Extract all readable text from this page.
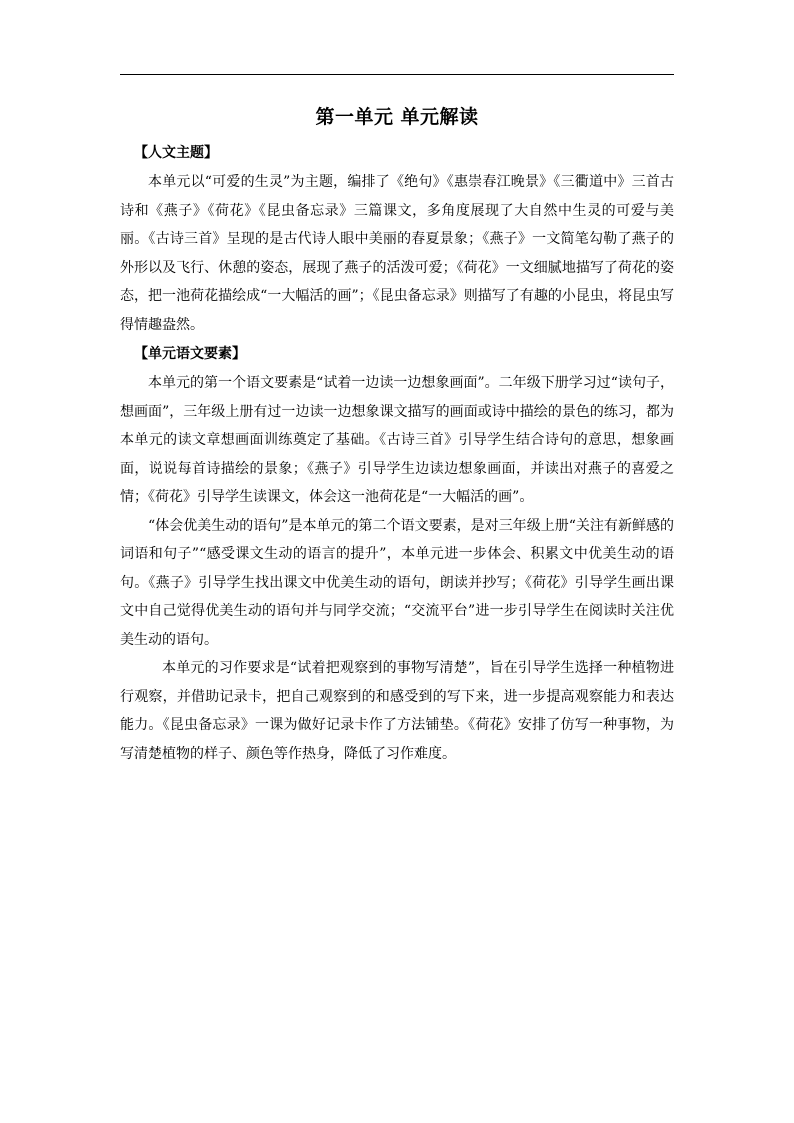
第一单元 单元解读
【人文主题】

本单元以“可爱的生灵”为主题，编排了《绝句》《惠崇春江晚景》《三衢道中》三首古诗和《燕子》《荷花》《昆虫备忘录》三篇课文，多角度展现了大自然中生灵的可爱与美丽。《古诗三首》呈现的是古代诗人眼中美丽的春夏景象；《燕子》一文简笔勾勒了燕子的外形以及飞行、休憩的姿态，展现了燕子的活泼可爱；《荷花》一文细腻地描写了荷花的姿态，把一池荷花描绘成“一大幅活的画”；《昆虫备忘录》则描写了有趣的小昆虫，将昆虫写得情趣盎然。

【单元语文要素】

本单元的第一个语文要素是“试着一边读一边想象画面”。二年级下册学习过“读句子，想画面”，三年级上册有过一边读一边想象课文描写的画面或诗中描绘的景色的练习，都为本单元的读文章想画面训练奠定了基础。《古诗三首》引导学生结合诗句的意思，想象画面，说说每首诗描绘的景象；《燕子》引导学生边读边想象画面，并读出对燕子的喜爱之情；《荷花》引导学生读课文，体会这一池荷花是“一大幅活的画”。

“体会优美生动的语句”是本单元的第二个语文要素，是对三年级上册“关注有新鲜感的词语和句子”“感受课文生动的语言的提升”，本单元进一步体会、积累文中优美生动的语句。《燕子》引导学生找出课文中优美生动的语句，朗读并抄写；《荷花》引导学生画出课文中自己觉得优美生动的语句并与同学交流；“交流平台”进一步引导学生在阅读时关注优美生动的语句。

本单元的习作要求是“试着把观察到的事物写清楚”，旨在引导学生选择一种植物进行观察，并借助记录卡，把自己观察到的和感受到的写下来，进一步提高观察能力和表达能力。《昆虫备忘录》一课为做好记录卡作了方法铺垫。《荷花》安排了仿写一种事物，为写清楚植物的样子、颜色等作热身，降低了习作难度。
